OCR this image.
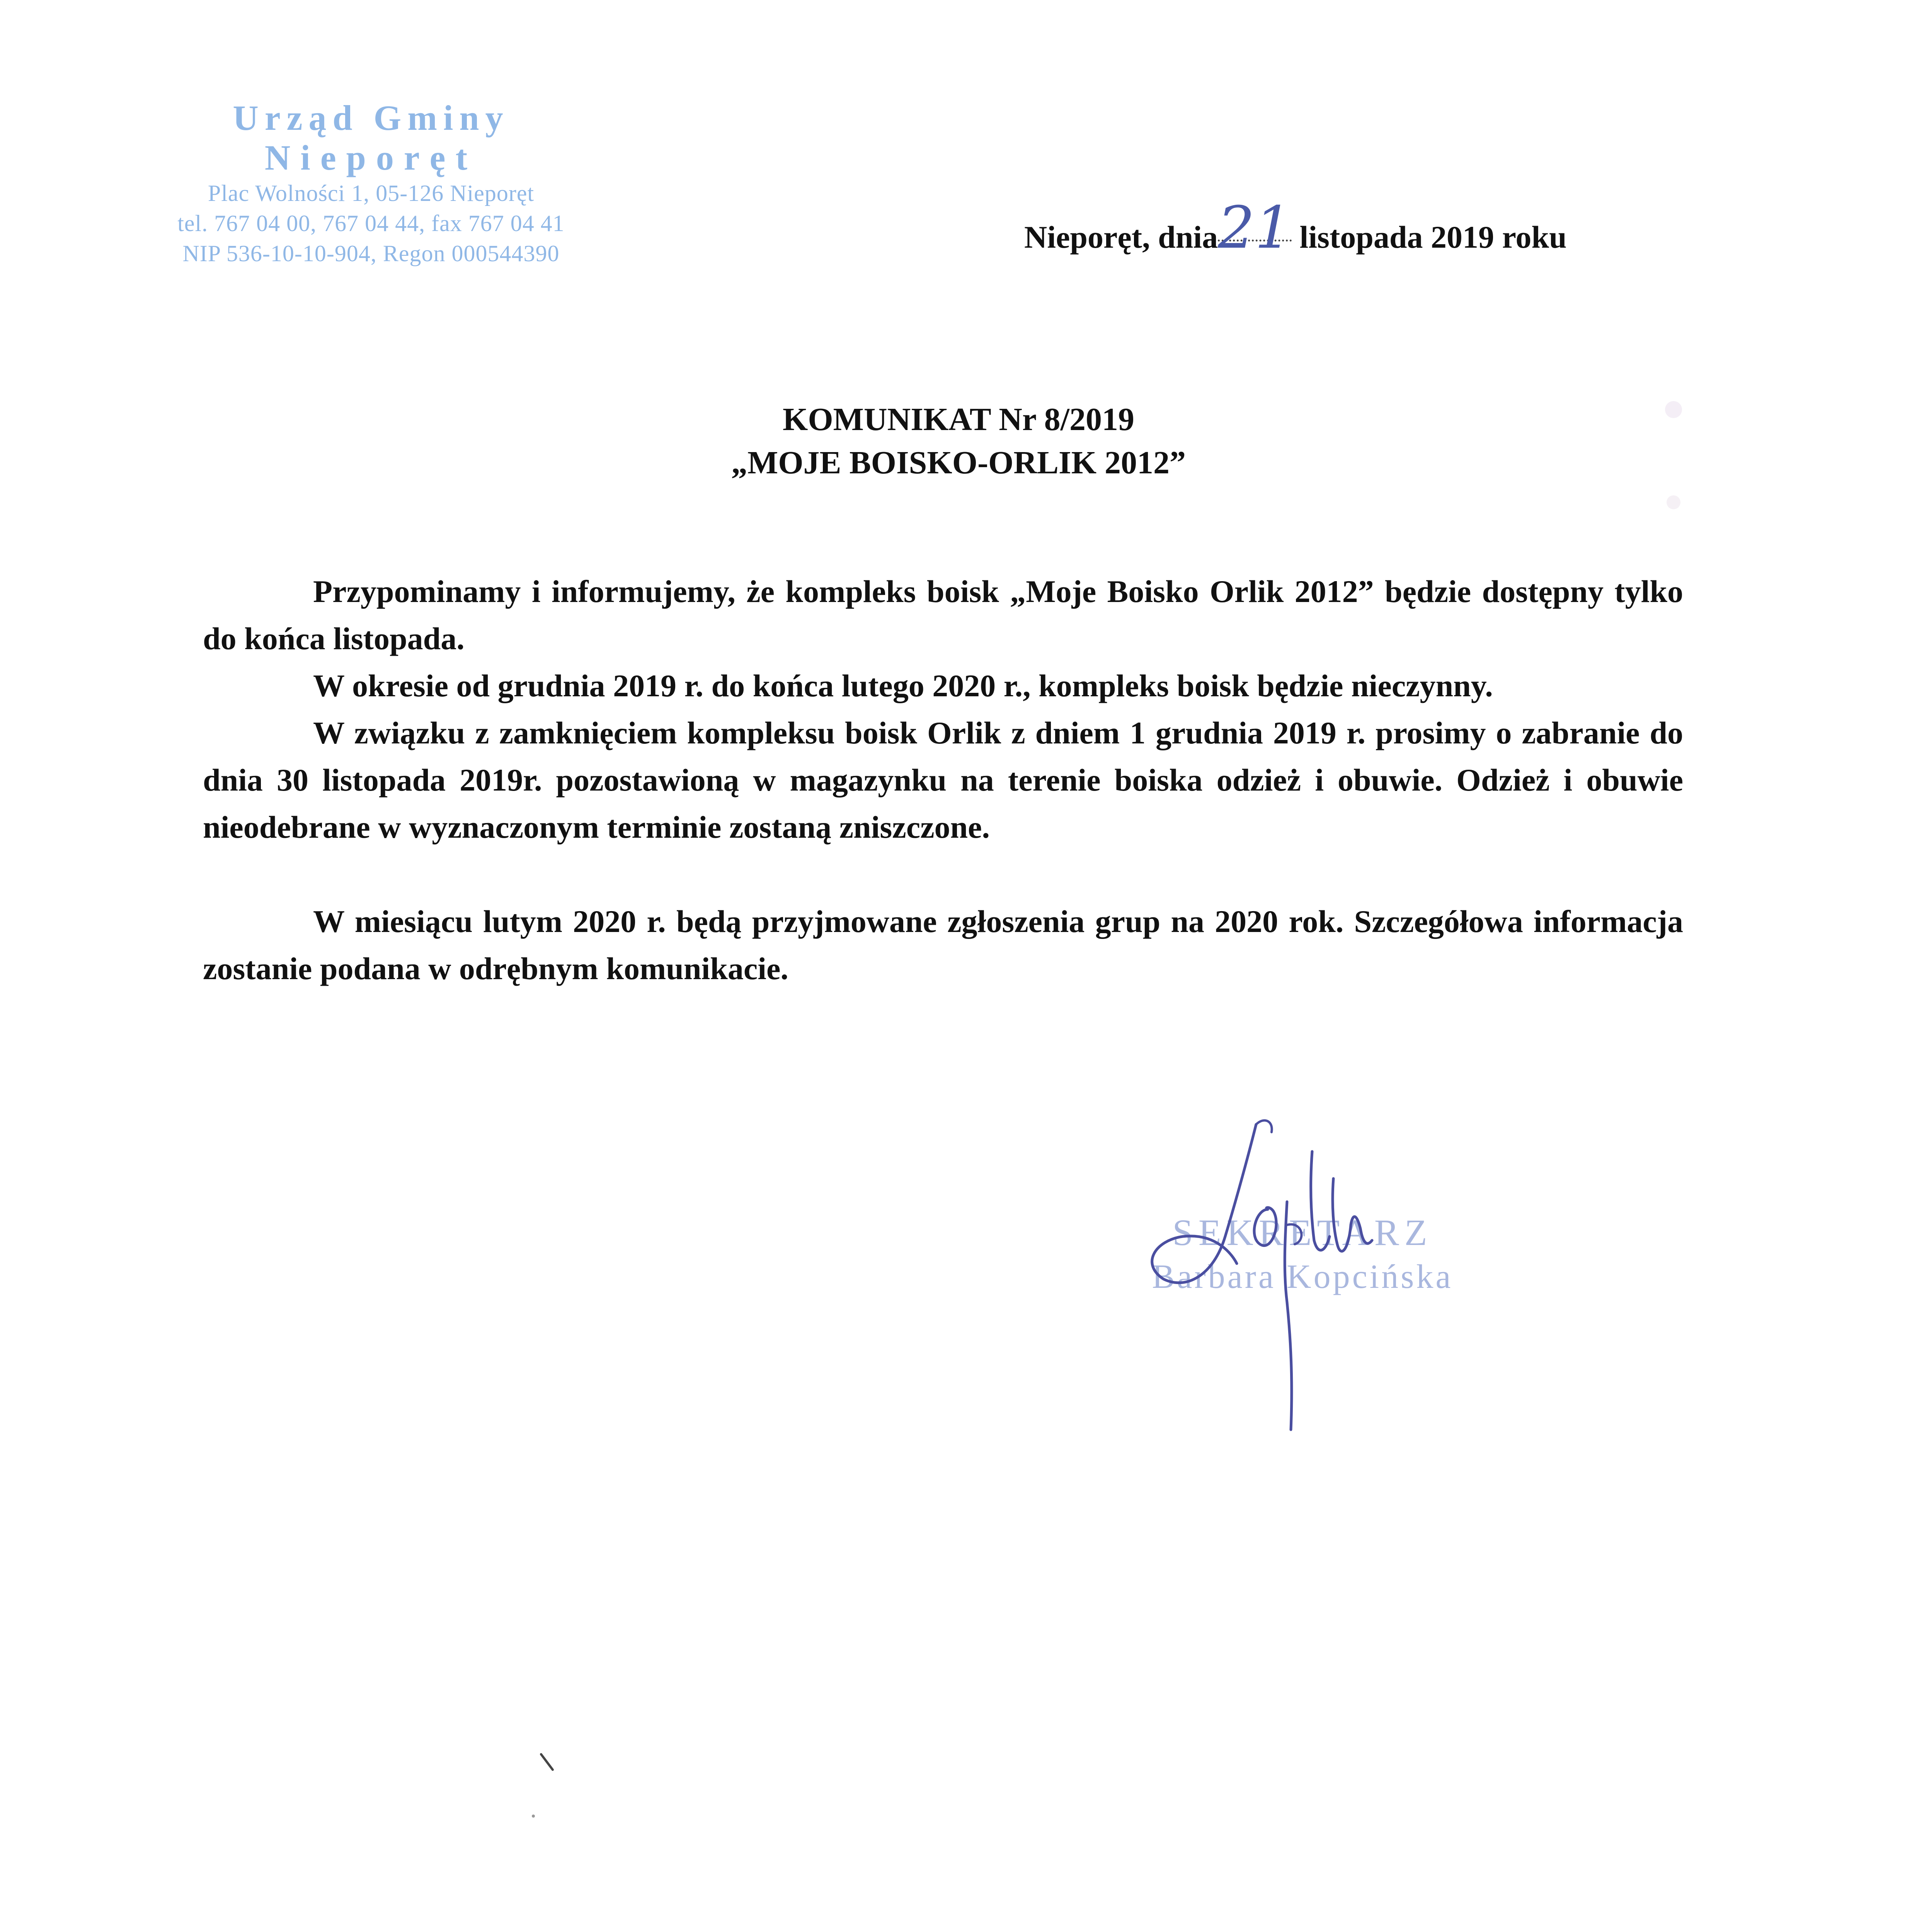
Urząd Gminy
Nieporęt
Plac Wolności 1, 05-126 Nieporęt
tel. 767 04 00, 767 04 44, fax 767 04 41
NIP 536-10-10-904, Regon 000544390	Nieporęt, dnia21 listopada 2019 roku
KOMUNIKAT Nr 8/2019
„MOJE BOISKO-ORLIK 2012”

Przypominamy i informujemy, że kompleks boisk „Moje Boisko Orlik 2012” będzie dostępny tylko do końca listopada.

W okresie od grudnia 2019 r. do końca lutego 2020 r., kompleks boisk będzie nieczynny.

W związku z zamknięciem kompleksu boisk Orlik z dniem 1 grudnia 2019 r. prosimy o zabranie do dnia 30 listopada 2019r. pozostawioną w magazynku na terenie boiska odzież i obuwie. Odzież i obuwie nieodebrane w wyznaczonym terminie zostaną zniszczone.

W miesiącu lutym 2020 r. będą przyjmowane zgłoszenia grup na 2020 rok. Szczegółowa informacja zostanie podana w odrębnym komunikacie.

SEKRETARZ
Barbara Kopcińska
